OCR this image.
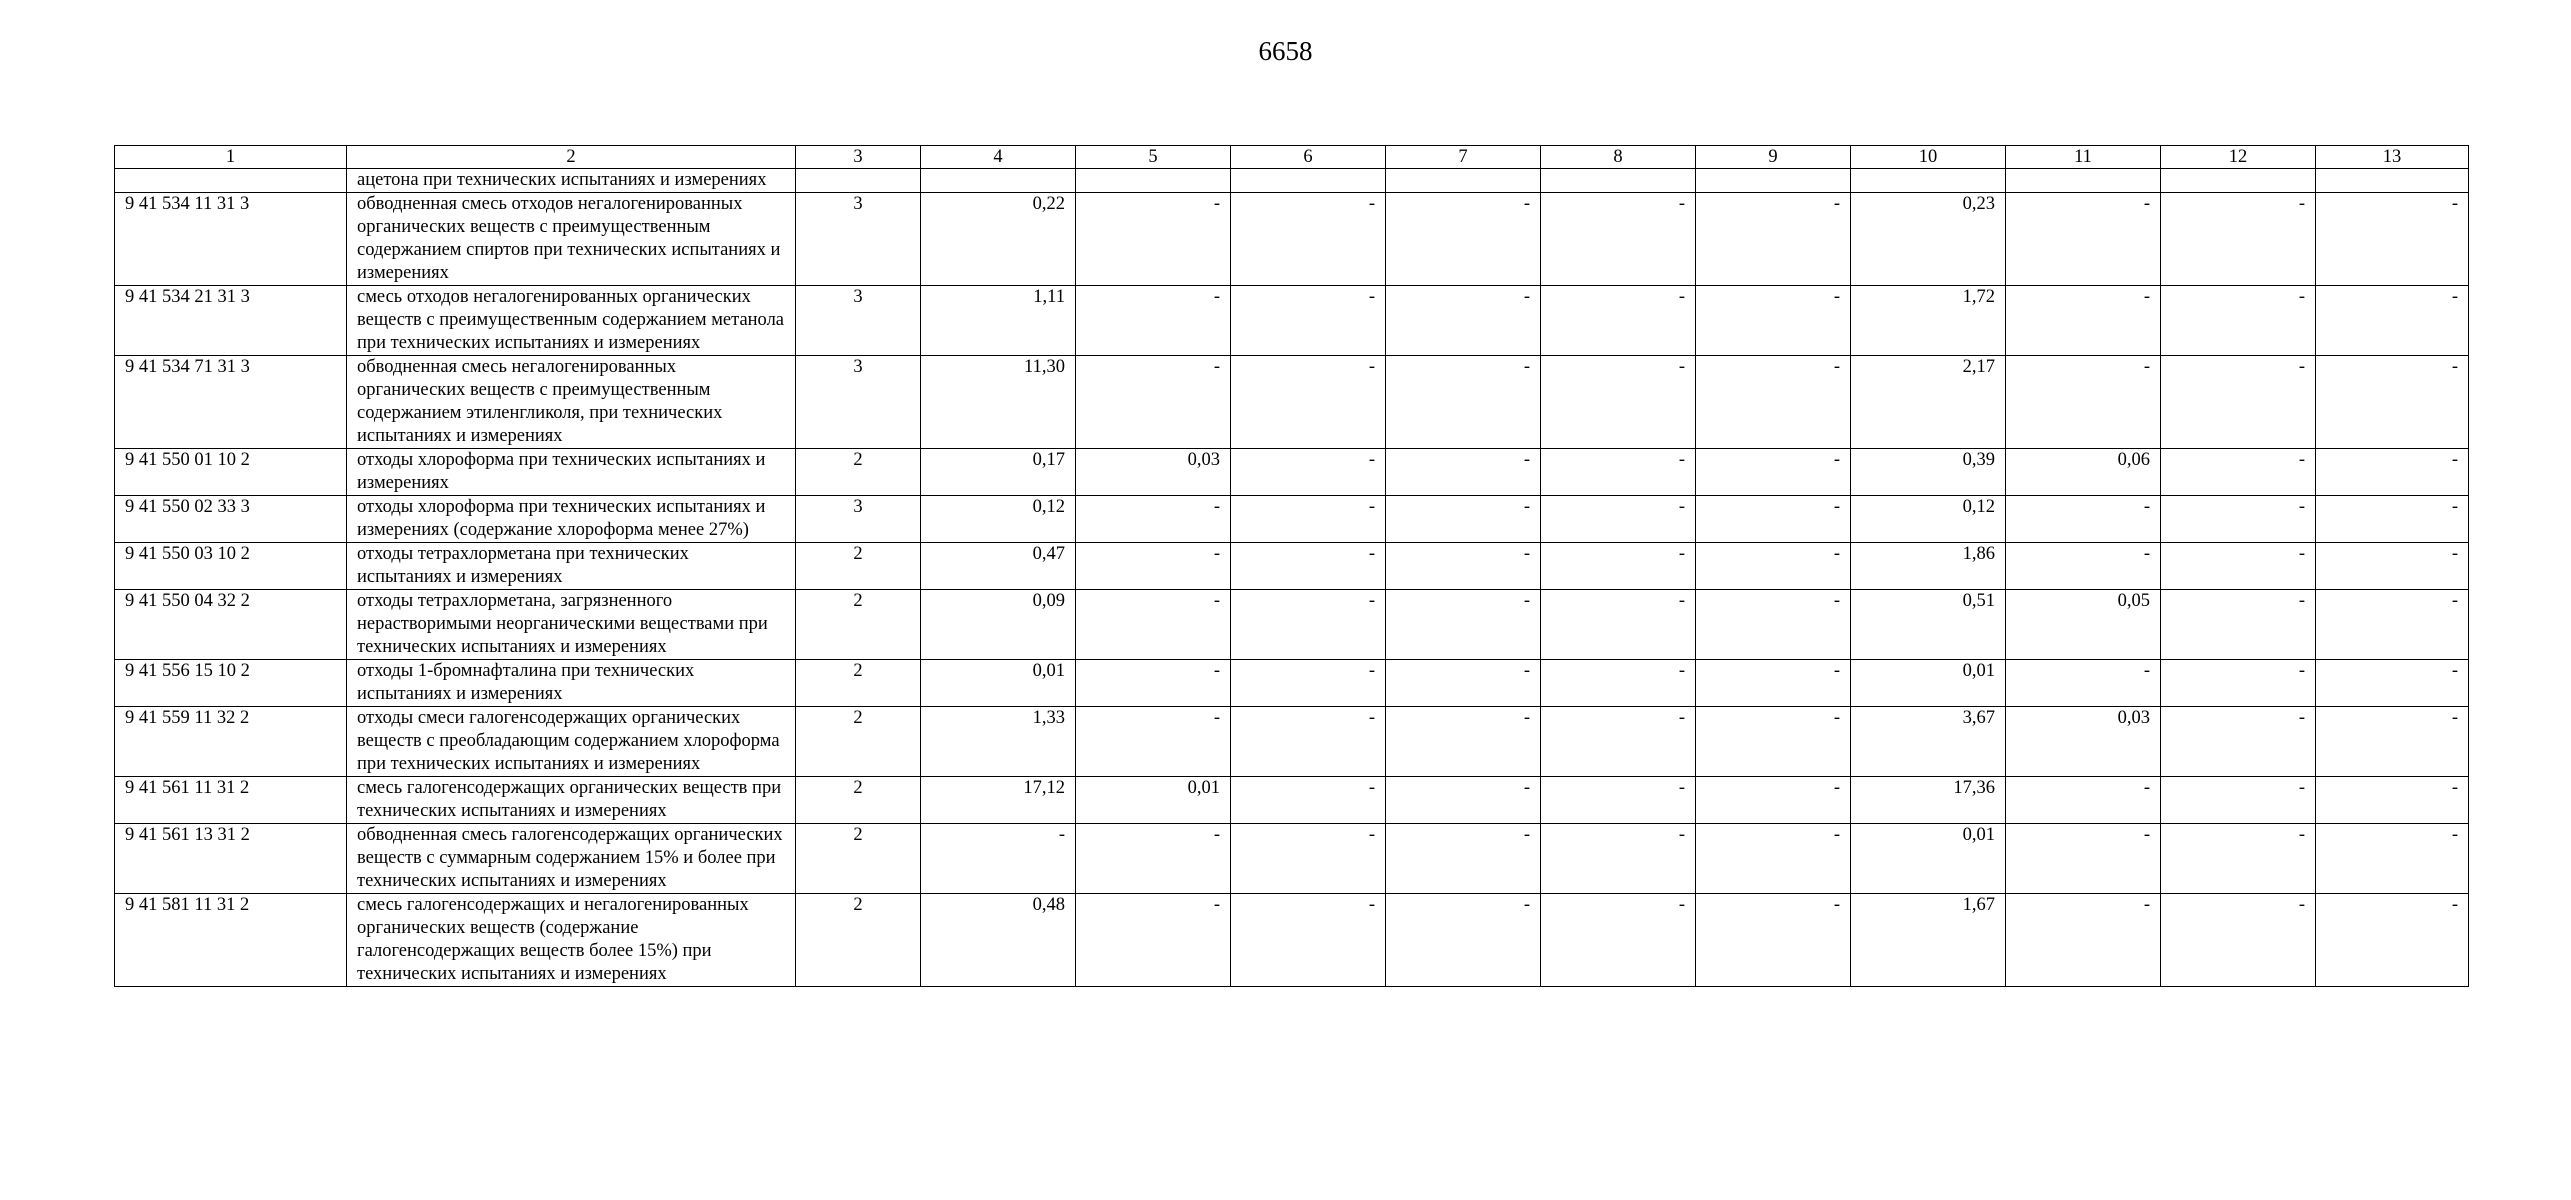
6658
1	2	3	4	5	6	7	8	9	10	11	12	13
	ацетона при технических испытаниях и измерениях											
9 41 534 11 31 3	обводненная смесь отходов негалогенированных органических веществ с преимущественным содержанием спиртов при технических испытаниях и измерениях	3	0,22	-	-	-	-	-	0,23	-	-	-
9 41 534 21 31 3	смесь отходов негалогенированных органических веществ с преимущественным содержанием метанола при технических испытаниях и измерениях	3	1,11	-	-	-	-	-	1,72	-	-	-
9 41 534 71 31 3	обводненная смесь негалогенированных органических веществ с преимущественным содержанием этиленгликоля, при технических испытаниях и измерениях	3	11,30	-	-	-	-	-	2,17	-	-	-
9 41 550 01 10 2	отходы хлороформа при технических испытаниях и измерениях	2	0,17	0,03	-	-	-	-	0,39	0,06	-	-
9 41 550 02 33 3	отходы хлороформа при технических испытаниях и измерениях (содержание хлороформа менее 27%)	3	0,12	-	-	-	-	-	0,12	-	-	-
9 41 550 03 10 2	отходы тетрахлорметана при технических испытаниях и измерениях	2	0,47	-	-	-	-	-	1,86	-	-	-
9 41 550 04 32 2	отходы тетрахлорметана, загрязненного нерастворимыми неорганическими веществами при технических испытаниях и измерениях	2	0,09	-	-	-	-	-	0,51	0,05	-	-
9 41 556 15 10 2	отходы 1-бромнафталина при технических испытаниях и измерениях	2	0,01	-	-	-	-	-	0,01	-	-	-
9 41 559 11 32 2	отходы смеси галогенсодержащих органических веществ с преобладающим содержанием хлороформа при технических испытаниях и измерениях	2	1,33	-	-	-	-	-	3,67	0,03	-	-
9 41 561 11 31 2	смесь галогенсодержащих органических веществ при технических испытаниях и измерениях	2	17,12	0,01	-	-	-	-	17,36	-	-	-
9 41 561 13 31 2	обводненная смесь галогенсодержащих органических веществ с суммарным содержанием 15% и более при технических испытаниях и измерениях	2	-	-	-	-	-	-	0,01	-	-	-
9 41 581 11 31 2	смесь галогенсодержащих и негалогенированных органических веществ (содержание галогенсодержащих веществ более 15%) при технических испытаниях и измерениях	2	0,48	-	-	-	-	-	1,67	-	-	-
